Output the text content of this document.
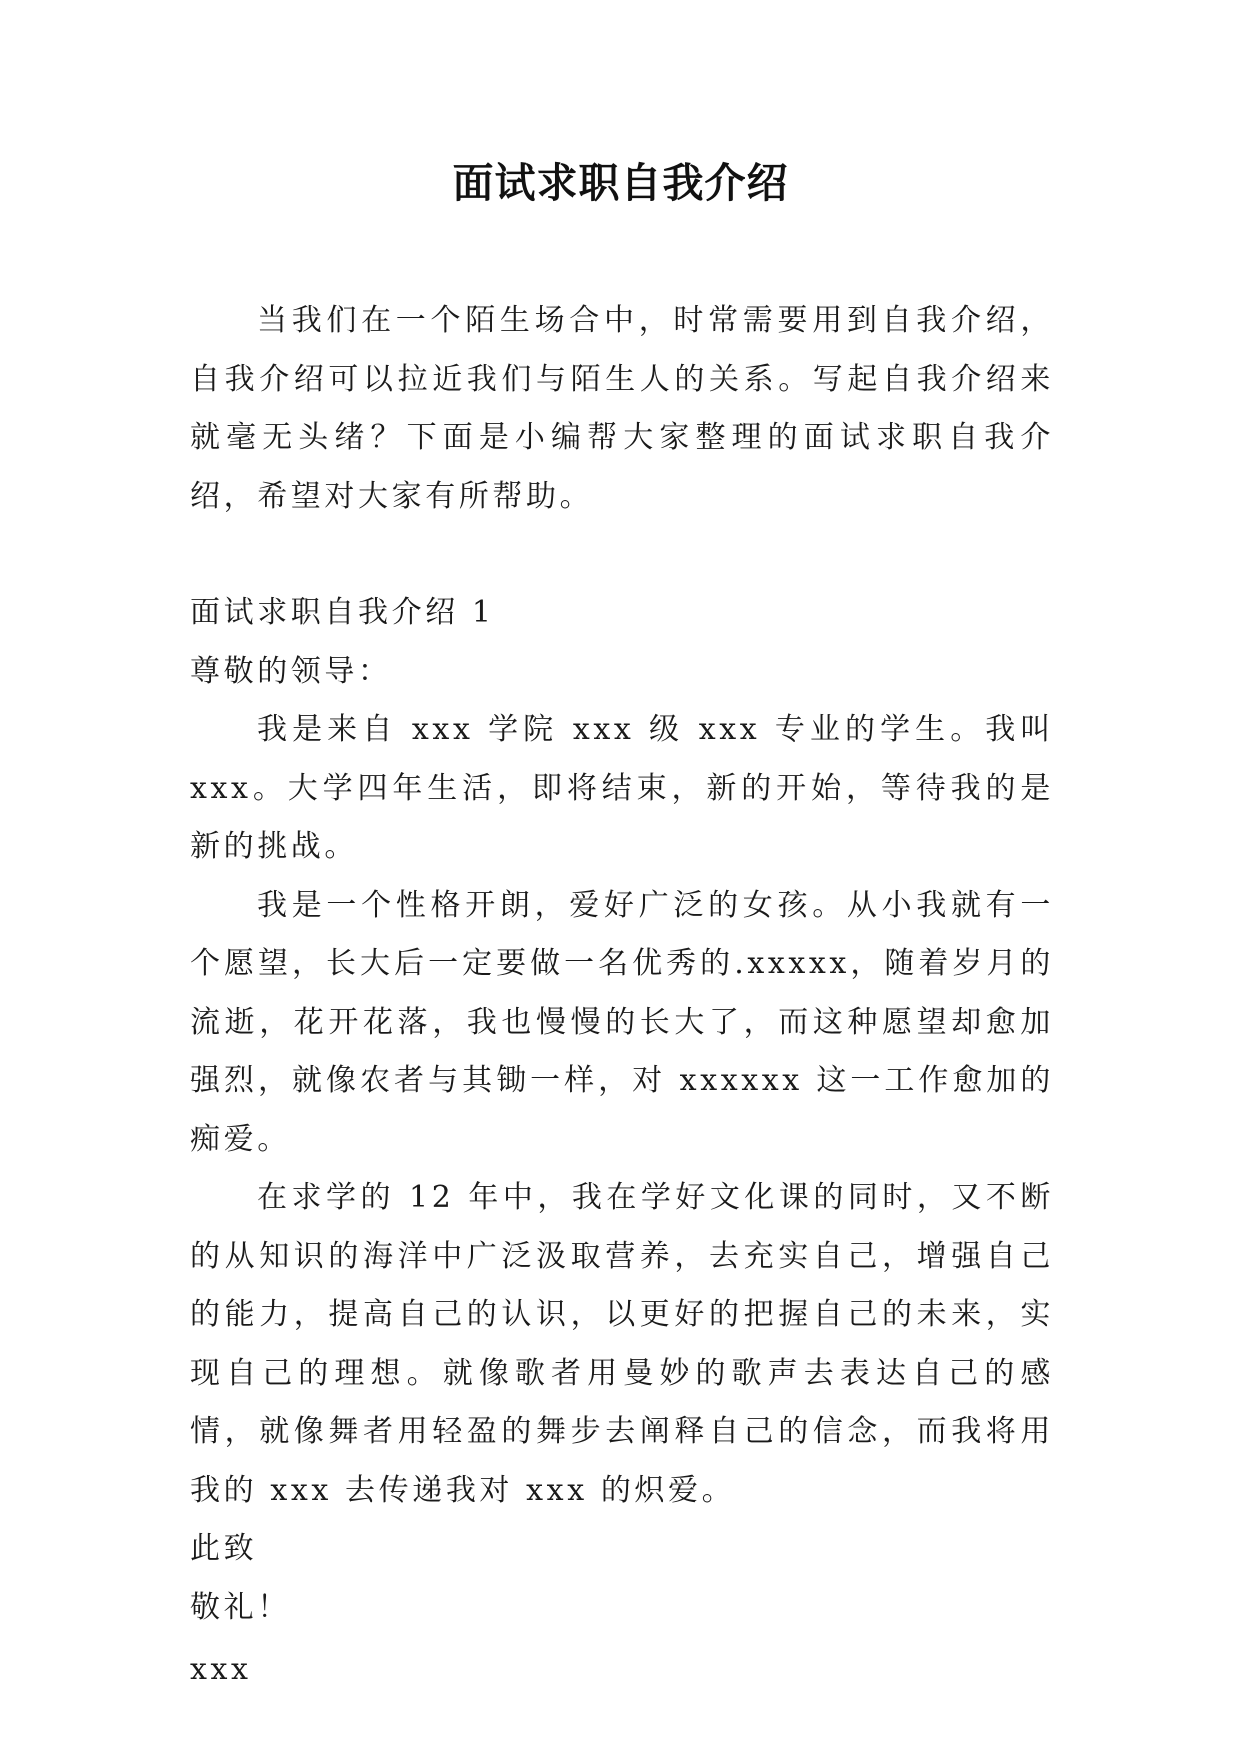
面试求职自我介绍

当我们在一个陌生场合中，时常需要用到自我介绍，自我介绍可以拉近我们与陌生人的关系。写起自我介绍来就毫无头绪？下面是小编帮大家整理的面试求职自我介绍，希望对大家有所帮助。

面试求职自我介绍 1

尊敬的领导：

我是来自 xxx 学院 xxx 级 xxx 专业的学生。我叫 xxx。大学四年生活，即将结束，新的开始，等待我的是新的挑战。

我是一个性格开朗，爱好广泛的女孩。从小我就有一个愿望，长大后一定要做一名优秀的.xxxxx，随着岁月的流逝，花开花落，我也慢慢的长大了，而这种愿望却愈加强烈，就像农者与其锄一样，对 xxxxxx 这一工作愈加的痴爱。

在求学的 12 年中，我在学好文化课的同时，又不断的从知识的海洋中广泛汲取营养，去充实自己，增强自己的能力，提高自己的认识，以更好的把握自己的未来，实现自己的理想。就像歌者用曼妙的歌声去表达自己的感情，就像舞者用轻盈的舞步去阐释自己的信念，而我将用我的 xxx 去传递我对 xxx 的炽爱。

此致

敬礼！

xxx
